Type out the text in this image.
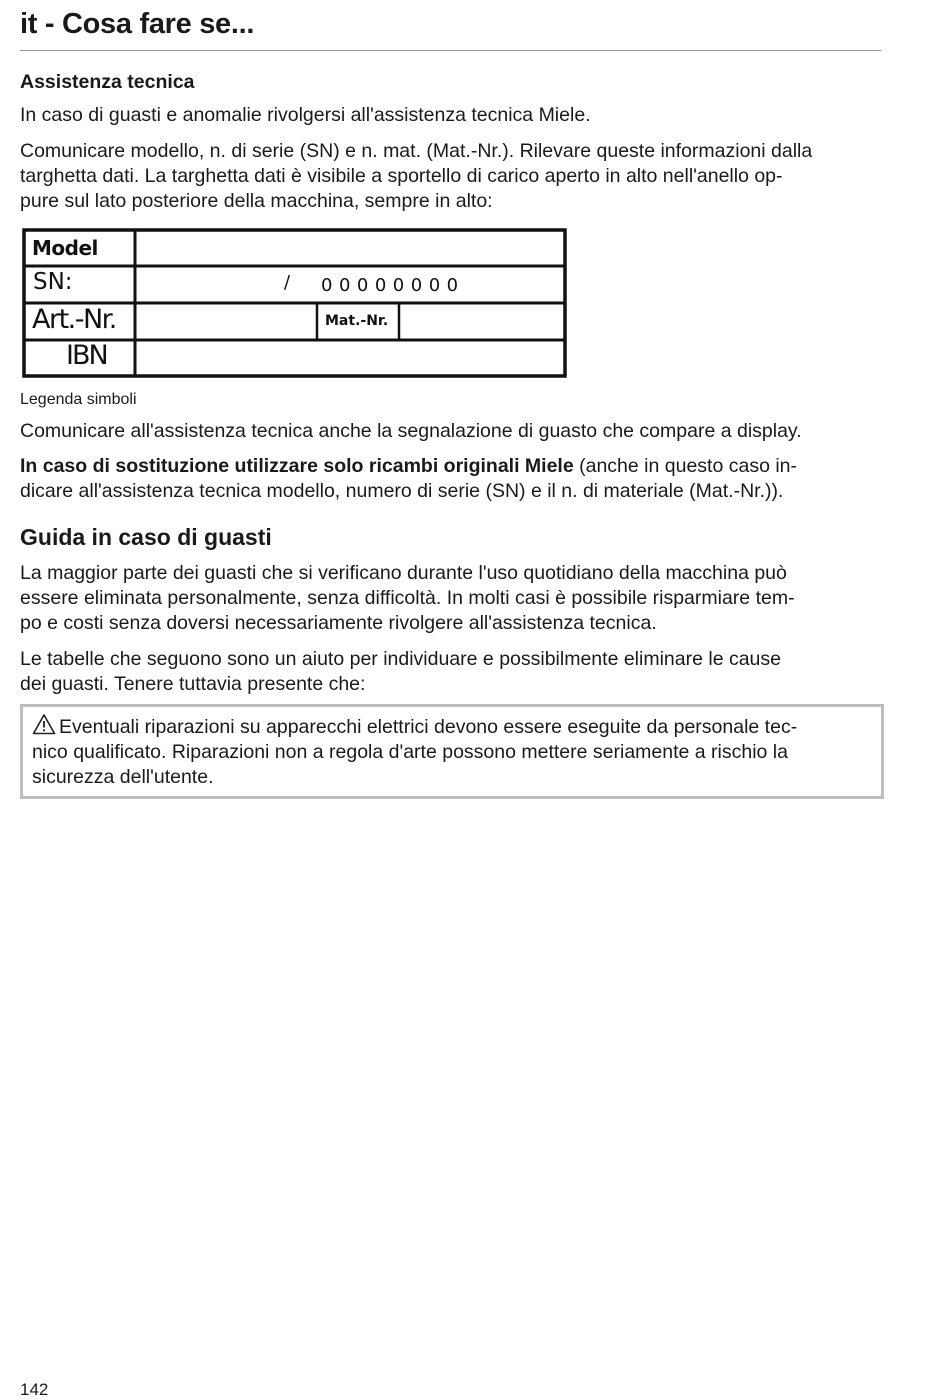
it - Cosa fare se...
Assistenza tecnica
In caso di guasti e anomalie rivolgersi all'assistenza tecnica Miele.
Comunicare modello, n. di serie (SN) e n. mat. (Mat.-Nr.). Rilevare queste informazioni dalla
targhetta dati. La targhetta dati è visibile a sportello di carico aperto in alto nell'anello op-
pure sul lato posteriore della macchina, sempre in alto:
Model
SN:
Art.-Nr.
IBN
Mat.-Nr.
/ 00000000
Legenda simboli
Comunicare all'assistenza tecnica anche la segnalazione di guasto che compare a display.
In caso di sostituzione utilizzare solo ricambi originali Miele (anche in questo caso in-
dicare all'assistenza tecnica modello, numero di serie (SN) e il n. di materiale (Mat.-Nr.)).
Guida in caso di guasti
La maggior parte dei guasti che si verificano durante l'uso quotidiano della macchina può
essere eliminata personalmente, senza difficoltà. In molti casi è possibile risparmiare tem-
po e costi senza doversi necessariamente rivolgere all'assistenza tecnica.
Le tabelle che seguono sono un aiuto per individuare e possibilmente eliminare le cause
dei guasti. Tenere tuttavia presente che:
Eventuali riparazioni su apparecchi elettrici devono essere eseguite da personale tec-
nico qualificato. Riparazioni non a regola d'arte possono mettere seriamente a rischio la
sicurezza dell'utente.
142
